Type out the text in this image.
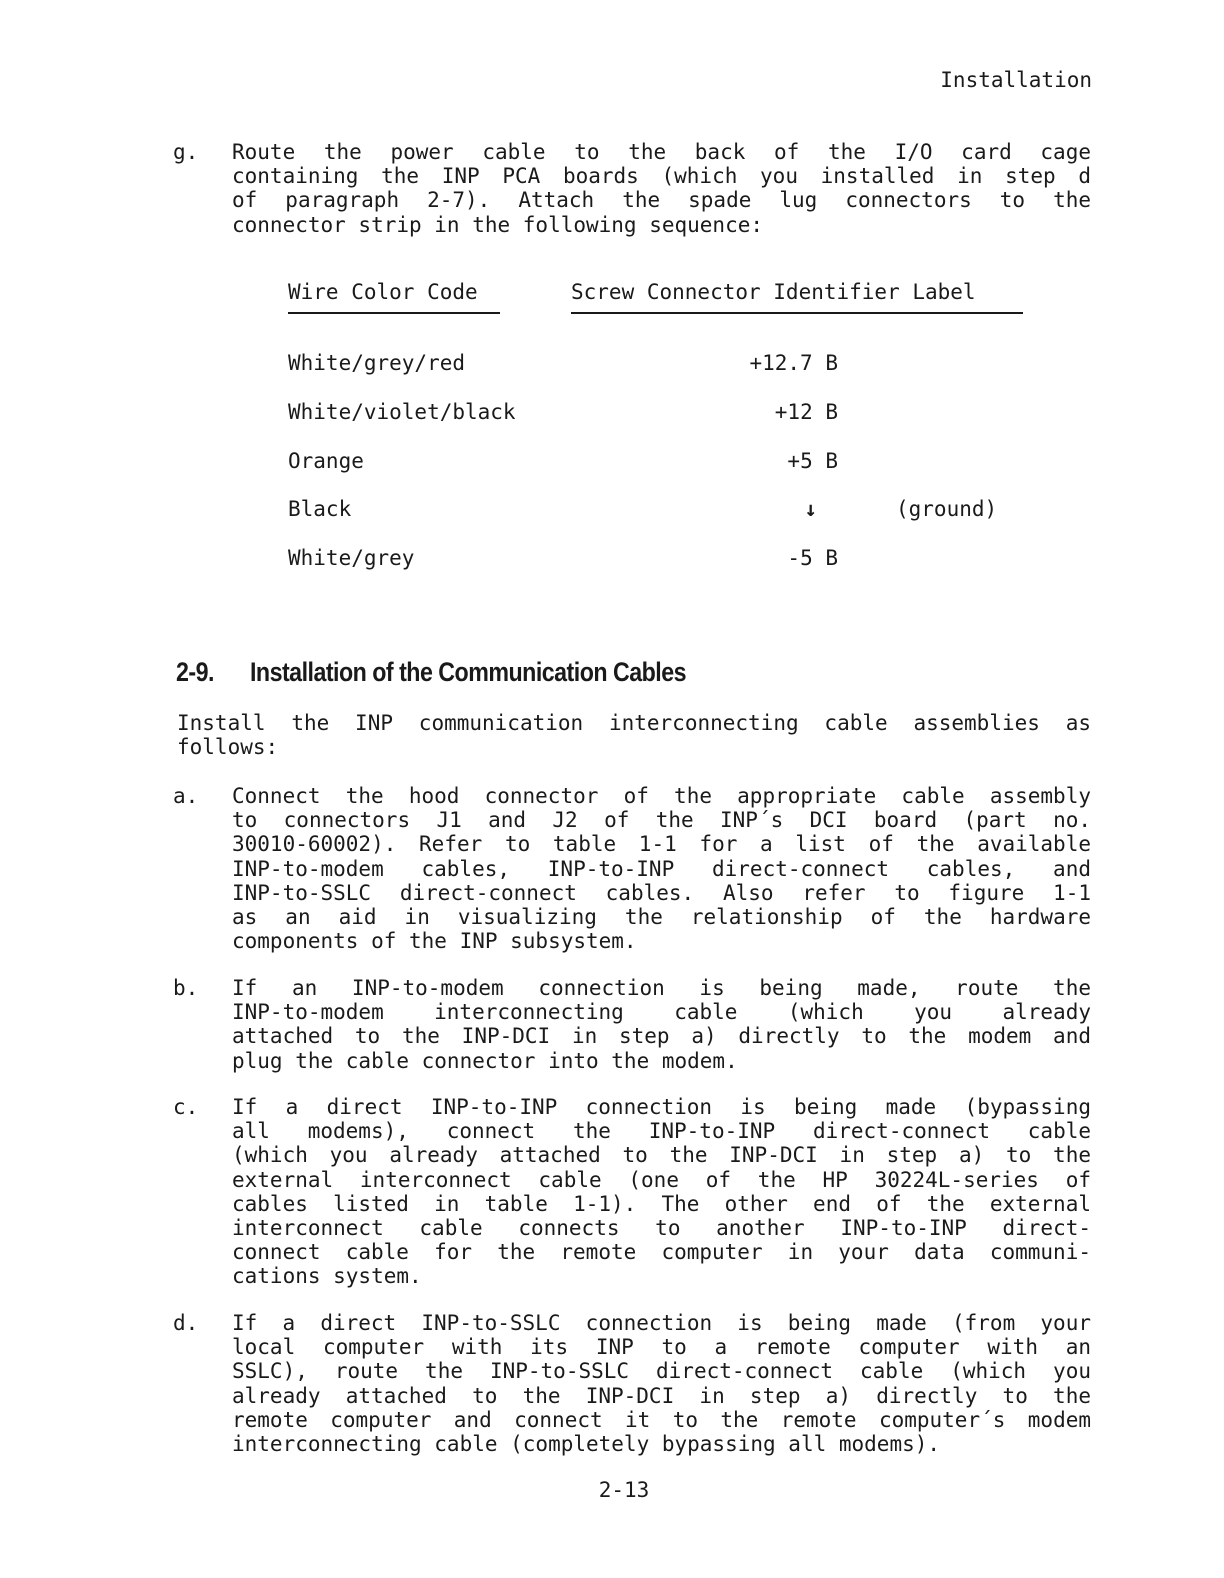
Installation
g. Route the power cable to the back of the I/O card cage
containing the INP PCA boards (which you installed in step d
of paragraph 2-7). Attach the spade lug connectors to the
connector strip in the following sequence:
Wire Color Code	Screw Connector Identifier Label
White/grey/red	+12.7 B
White/violet/black	+12 B
Orange	+5 B
Black	↓	(ground)
White/grey	-5 B
2-9. Installation of the Communication Cables
Install the INP communication interconnecting cable assemblies as
follows:
a. Connect the hood connector of the appropriate cable assembly
to connectors J1 and J2 of the INP´s DCI board (part no.
30010-60002). Refer to table 1-1 for a list of the available
INP-to-modem cables, INP-to-INP direct-connect cables, and
INP-to-SSLC direct-connect cables. Also refer to figure 1-1
as an aid in visualizing the relationship of the hardware
components of the INP subsystem.
b. If an INP-to-modem connection is being made, route the
INP-to-modem interconnecting cable (which you already
attached to the INP-DCI in step a) directly to the modem and
plug the cable connector into the modem.
c. If a direct INP-to-INP connection is being made (bypassing
all modems), connect the INP-to-INP direct-connect cable
(which you already attached to the INP-DCI in step a) to the
external interconnect cable (one of the HP 30224L-series of
cables listed in table 1-1). The other end of the external
interconnect cable connects to another INP-to-INP direct-
connect cable for the remote computer in your data communi-
cations system.
d. If a direct INP-to-SSLC connection is being made (from your
local computer with its INP to a remote computer with an
SSLC), route the INP-to-SSLC direct-connect cable (which you
already attached to the INP-DCI in step a) directly to the
remote computer and connect it to the remote computer´s modem
interconnecting cable (completely bypassing all modems).
2-13
